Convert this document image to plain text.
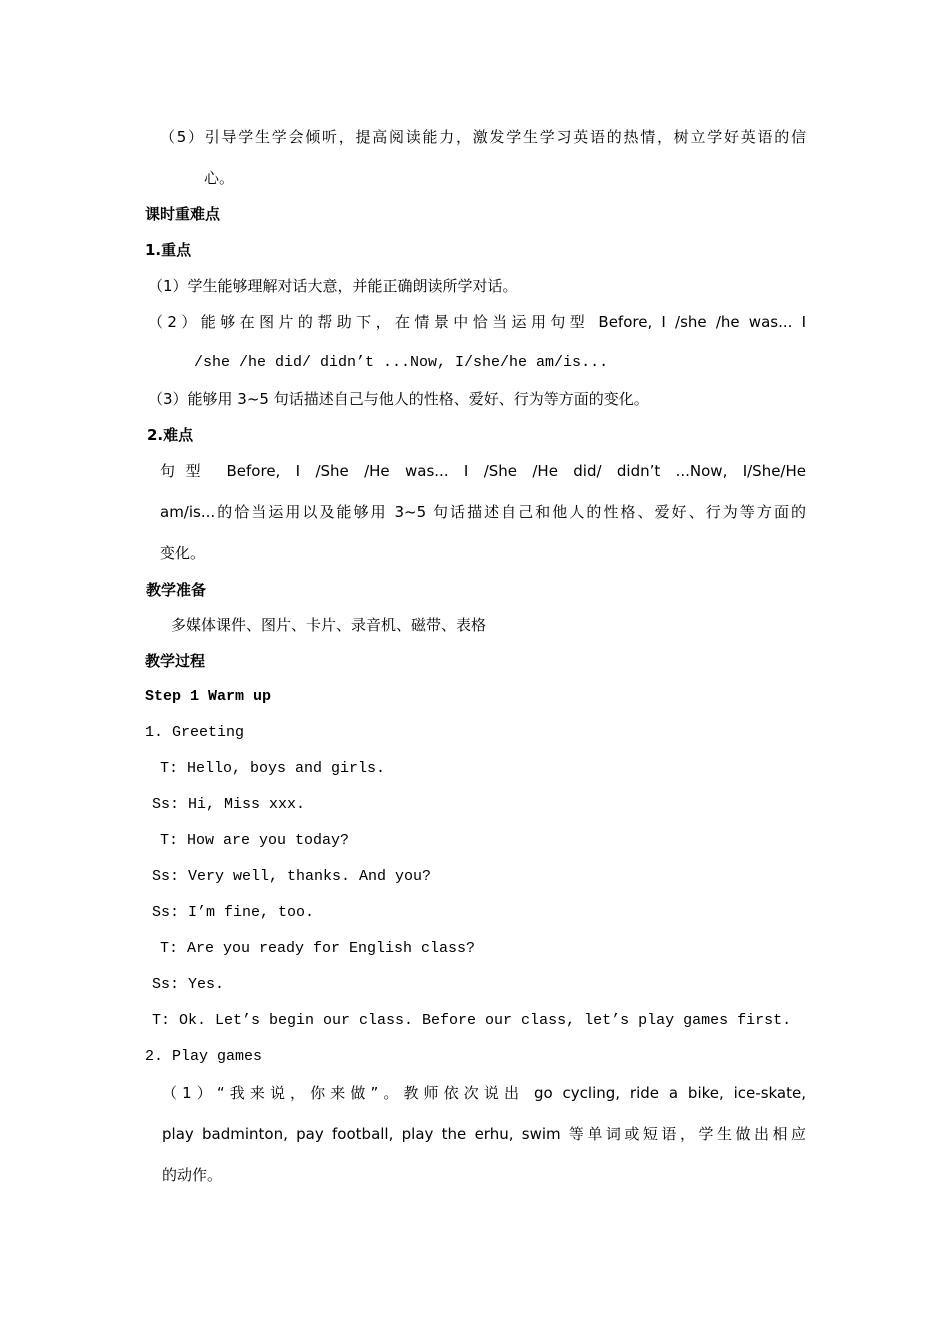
（5）引导学生学会倾听，提高阅读能力，激发学生学习英语的热情，树立学好英语的信
心。
课时重难点
1.重点
（1）学生能够理解对话大意，并能正确朗读所学对话。
（2）能够在图片的帮助下，在情景中恰当运用句型 Before, I /she /he was... I
/she /he did/ didn’t ...Now, I/she/he am/is...
（3）能够用 3~5 句话描述自己与他人的性格、爱好、行为等方面的变化。
2.难点
句型 Before, I /She /He was... I /She /He did/ didn’t ...Now, I/She/He
am/is...的恰当运用以及能够用 3~5 句话描述自己和他人的性格、爱好、行为等方面的
变化。
教学准备
多媒体课件、图片、卡片、录音机、磁带、表格
教学过程
Step 1 Warm up
1. Greeting
T: Hello, boys and girls.
Ss: Hi, Miss xxx.
T: How are you today?
Ss: Very well, thanks. And you?
Ss: I’m fine, too.
T: Are you ready for English class?
Ss: Yes.
T: Ok. Let’s begin our class. Before our class, let’s play games first.
2. Play games
（1）“我来说，你来做”。教师依次说出 go cycling, ride a bike, ice-skate,
play badminton, pay football, play the erhu, swim 等单词或短语，学生做出相应
的动作。
